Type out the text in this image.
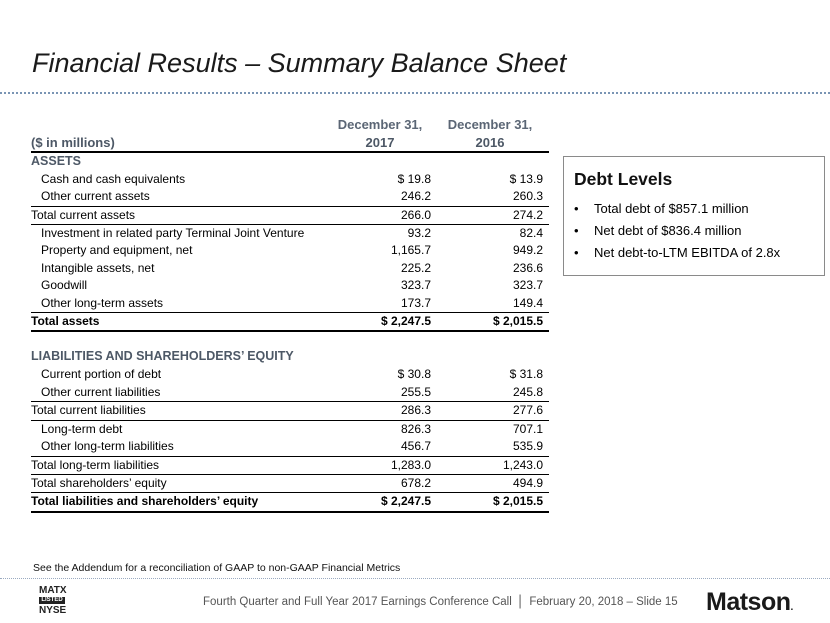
Financial Results – Summary Balance Sheet
	December 31,	December 31,
($ in millions)	2017	2016
ASSETS		
Cash and cash equivalents	$ 19.8	$ 13.9
Other current assets	246.2	260.3
Total current assets	266.0	274.2
Investment in related party Terminal Joint Venture	93.2	82.4
Property and equipment, net	1,165.7	949.2
Intangible assets, net	225.2	236.6
Goodwill	323.7	323.7
Other long-term assets	173.7	149.4
Total assets	$ 2,247.5	$ 2,015.5

LIABILITIES AND SHAREHOLDERS’ EQUITY		
Current portion of debt	$ 30.8	$ 31.8
Other current liabilities	255.5	245.8
Total current liabilities	286.3	277.6
Long-term debt	826.3	707.1
Other long-term liabilities	456.7	535.9
Total long-term liabilities	1,283.0	1,243.0
Total shareholders’ equity	678.2	494.9
Total liabilities and shareholders’ equity	$ 2,247.5	$ 2,015.5
Debt Levels
• Total debt of $857.1 million
• Net debt of $836.4 million
• Net debt-to-LTM EBITDA of 2.8x
See the Addendum for a reconciliation of GAAP to non-GAAP Financial Metrics
MATX
LISTED
NYSE
Fourth Quarter and Full Year 2017 Earnings Conference Call │ February 20, 2018 – Slide 15 Matson.
